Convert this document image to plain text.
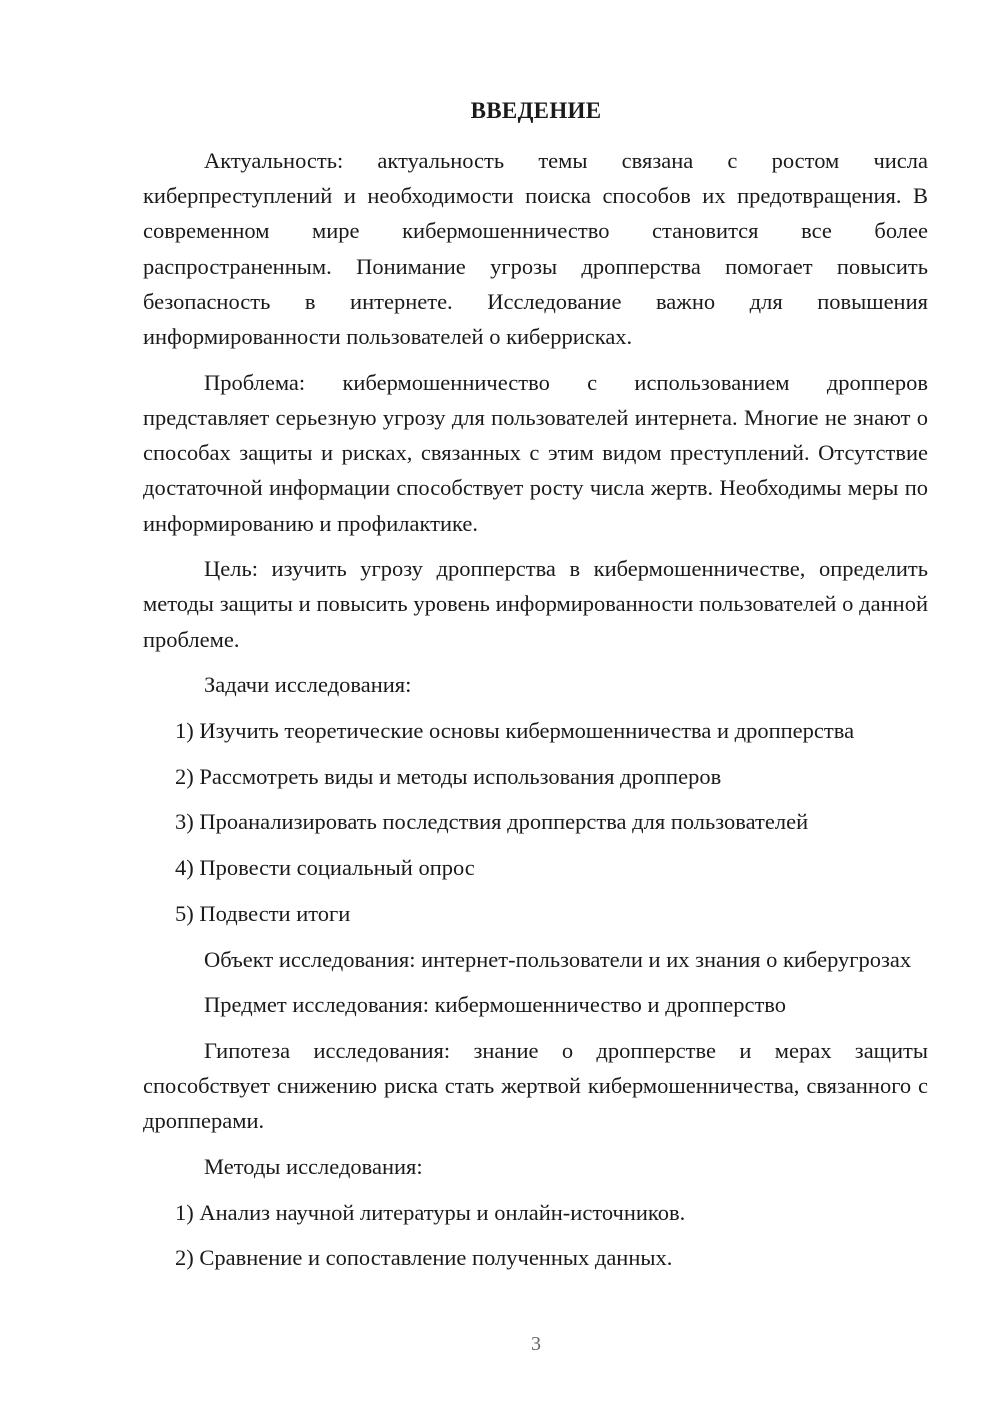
ВВЕДЕНИЕ

Актуальность: актуальность темы связана с ростом числа киберпреступлений и необходимости поиска способов их предотвращения. В современном мире кибермошенничество становится все более распространенным. Понимание угрозы дропперства помогает повысить безопасность в интернете. Исследование важно для повышения информированности пользователей о киберрисках.

Проблема: кибермошенничество с использованием дропперов представляет серьезную угрозу для пользователей интернета. Многие не знают о способах защиты и рисках, связанных с этим видом преступлений. Отсутствие достаточной информации способствует росту числа жертв. Необходимы меры по информированию и профилактике.

Цель: изучить угрозу дропперства в кибермошенничестве, определить методы защиты и повысить уровень информированности пользователей о данной проблеме.

Задачи исследования:

1) Изучить теоретические основы кибермошенничества и дропперства

2) Рассмотреть виды и методы использования дропперов

3) Проанализировать последствия дропперства для пользователей

4) Провести социальный опрос

5) Подвести итоги

Объект исследования: интернет-пользователи и их знания о киберугрозах

Предмет исследования: кибермошенничество и дропперство

Гипотеза исследования: знание о дропперстве и мерах защиты способствует снижению риска стать жертвой кибермошенничества, связанного с дропперами.

Методы исследования:

1) Анализ научной литературы и онлайн-источников.

2) Сравнение и сопоставление полученных данных.

3
